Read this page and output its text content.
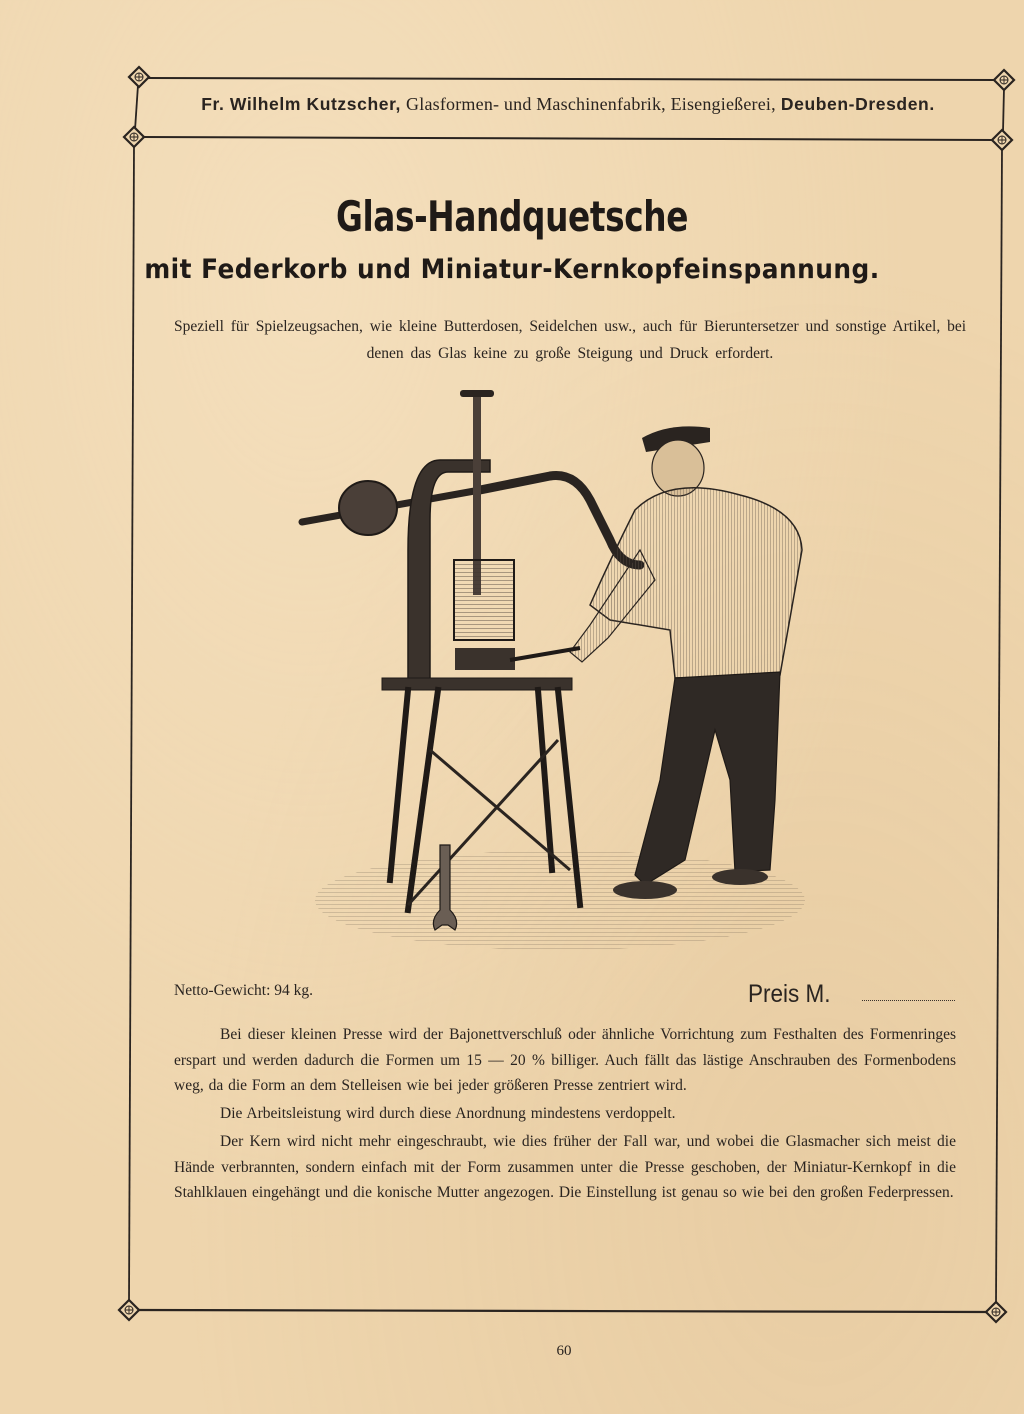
Fr. Wilhelm Kutzscher, Glasformen- und Maschinenfabrik, Eisengießerei, Deuben-Dresden.
Glas-Handquetsche
mit Federkorb und Miniatur-Kernkopfeinspannung.
Speziell für Spielzeugsachen, wie kleine Butterdosen, Seidelchen usw., auch für Bieruntersetzer und sonstige Artikel, bei denen das Glas keine zu große Steigung und Druck erfordert.
Netto-Gewicht: 94 kg.	Preis M.

Bei dieser kleinen Presse wird der Bajonettverschluß oder ähnliche Vorrichtung zum Festhalten des Formenringes erspart und werden dadurch die Formen um 15 — 20 % billiger. Auch fällt das lästige Anschrauben des Formenbodens weg, da die Form an dem Stelleisen wie bei jeder größeren Presse zentriert wird.

Die Arbeitsleistung wird durch diese Anordnung mindestens verdoppelt.

Der Kern wird nicht mehr eingeschraubt, wie dies früher der Fall war, und wobei die Glasmacher sich meist die Hände verbrannten, sondern einfach mit der Form zusammen unter die Presse geschoben, der Miniatur-Kernkopf in die Stahlklauen eingehängt und die konische Mutter angezogen. Die Einstellung ist genau so wie bei den großen Federpressen.

60
